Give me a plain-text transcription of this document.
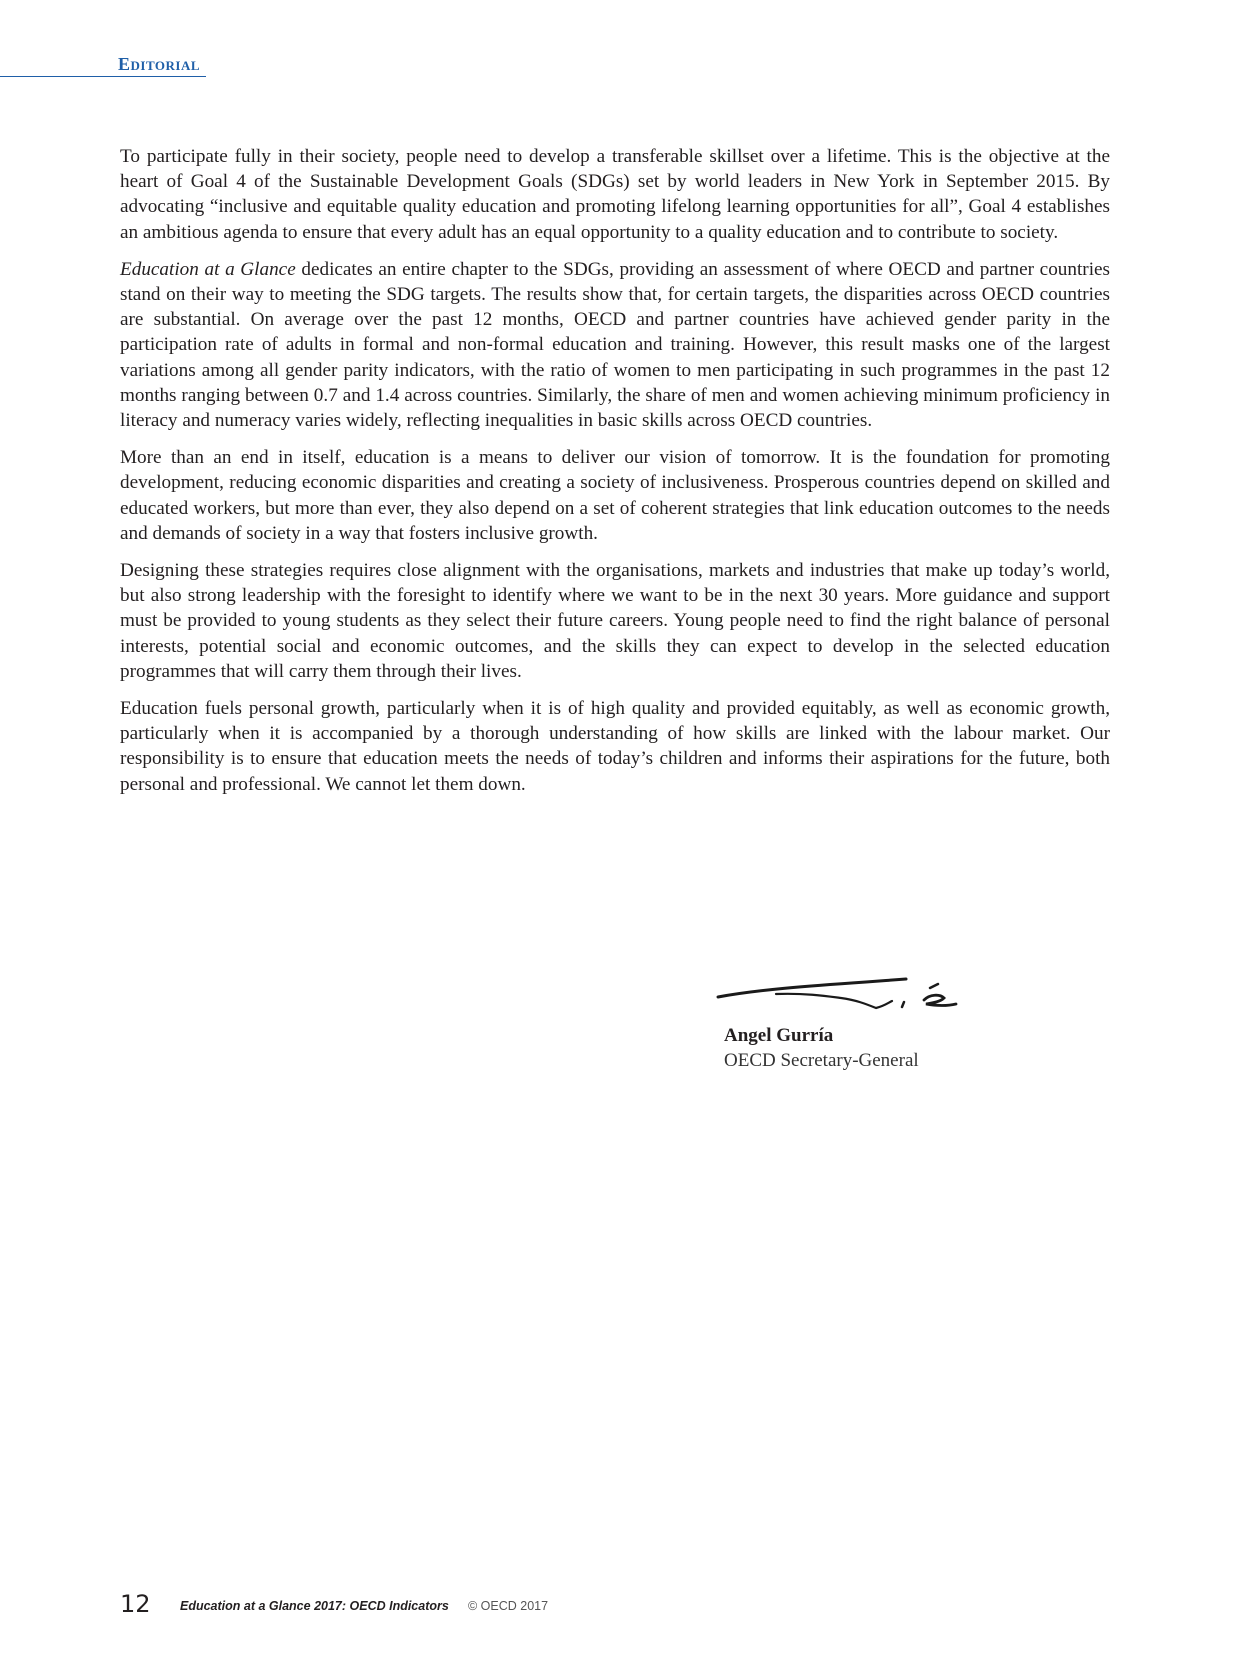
Editorial

To participate fully in their society, people need to develop a transferable skillset over a lifetime. This is the objective at the heart of Goal 4 of the Sustainable Development Goals (SDGs) set by world leaders in New York in September 2015. By advocating “inclusive and equitable quality education and promoting lifelong learning opportunities for all”, Goal 4 establishes an ambitious agenda to ensure that every adult has an equal opportunity to a quality education and to contribute to society.

Education at a Glance dedicates an entire chapter to the SDGs, providing an assessment of where OECD and partner countries stand on their way to meeting the SDG targets. The results show that, for certain targets, the disparities across OECD countries are substantial. On average over the past 12 months, OECD and partner countries have achieved gender parity in the participation rate of adults in formal and non-formal education and training. However, this result masks one of the largest variations among all gender parity indicators, with the ratio of women to men participating in such programmes in the past 12 months ranging between 0.7 and 1.4 across countries. Similarly, the share of men and women achieving minimum proficiency in literacy and numeracy varies widely, reflecting inequalities in basic skills across OECD countries.

More than an end in itself, education is a means to deliver our vision of tomorrow. It is the foundation for promoting development, reducing economic disparities and creating a society of inclusiveness. Prosperous countries depend on skilled and educated workers, but more than ever, they also depend on a set of coherent strategies that link education outcomes to the needs and demands of society in a way that fosters inclusive growth.

Designing these strategies requires close alignment with the organisations, markets and industries that make up today’s world, but also strong leadership with the foresight to identify where we want to be in the next 30 years. More guidance and support must be provided to young students as they select their future careers. Young people need to find the right balance of personal interests, potential social and economic outcomes, and the skills they can expect to develop in the selected education programmes that will carry them through their lives.

Education fuels personal growth, particularly when it is of high quality and provided equitably, as well as economic growth, particularly when it is accompanied by a thorough understanding of how skills are linked with the labour market. Our responsibility is to ensure that education meets the needs of today’s children and informs their aspirations for the future, both personal and professional. We cannot let them down.

Angel Gurría
OECD Secretary-General
12 Education at a Glance 2017: OECD Indicators © OECD 2017
